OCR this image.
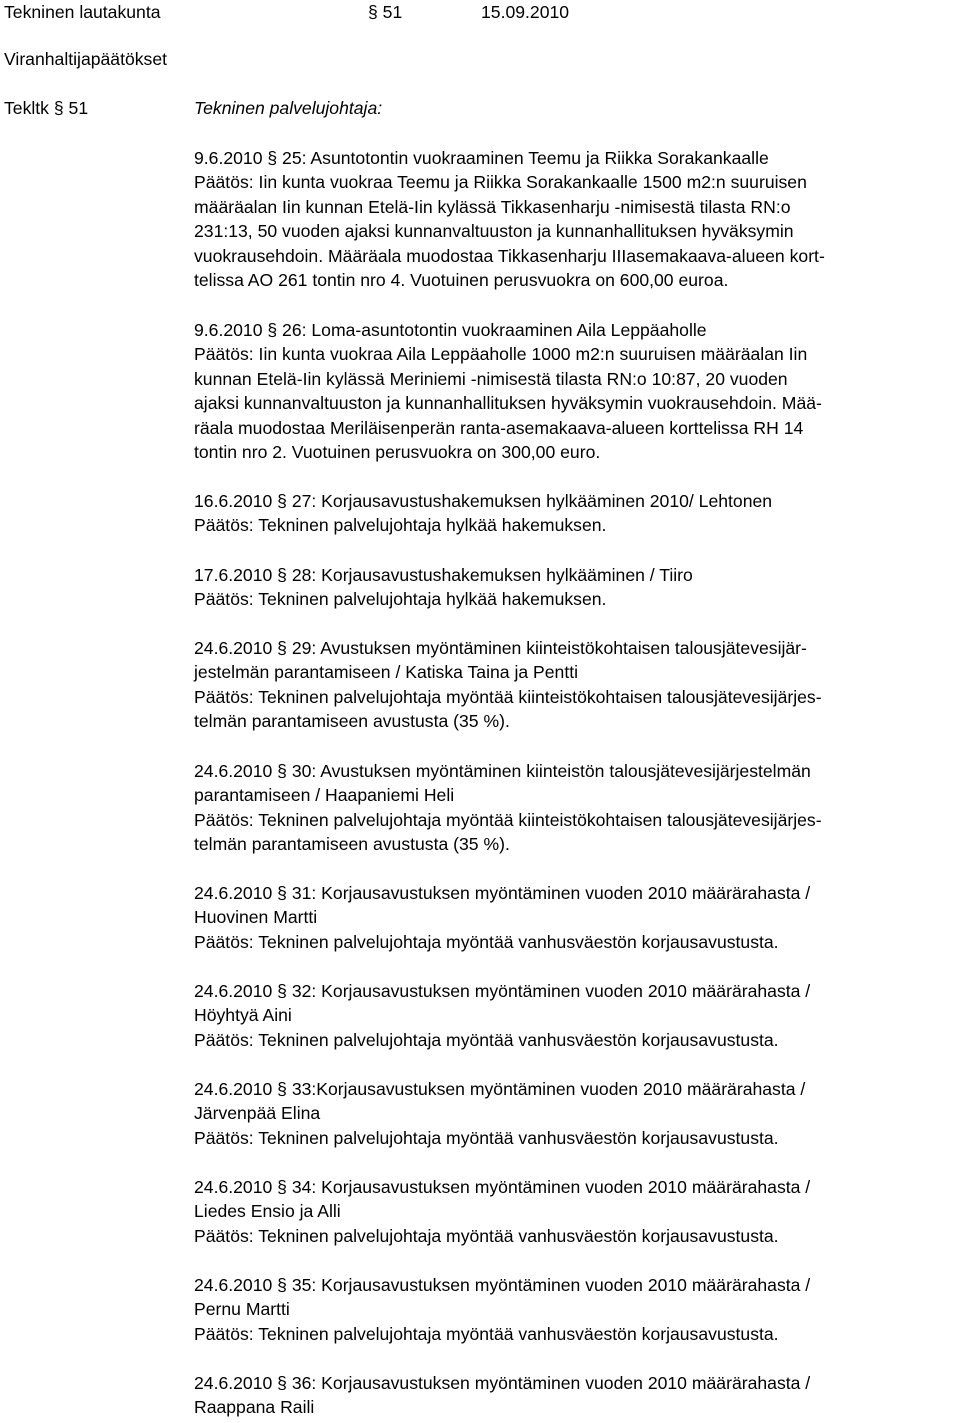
Tekninen lautakunta	§ 51	15.09.2010
Viranhaltijapäätökset
Tekltk § 51	Tekninen palvelujohtaja:
9.6.2010 § 25: Asuntotontin vuokraaminen Teemu ja Riikka Sorakankaalle
Päätös: Iin kunta vuokraa Teemu ja Riikka Sorakankaalle 1500 m2:n suuruisen
määräalan Iin kunnan Etelä-Iin kylässä Tikkasenharju -nimisestä tilasta RN:o
231:13, 50 vuoden ajaksi kunnanvaltuuston ja kunnanhallituksen hyväksymin
vuokrausehdoin. Määräala muodostaa Tikkasenharju IIIasemakaava-alueen kort-
telissa AO 261 tontin nro 4. Vuotuinen perusvuokra on 600,00 euroa.
9.6.2010 § 26: Loma-asuntotontin vuokraaminen Aila Leppäaholle
Päätös: Iin kunta vuokraa Aila Leppäaholle 1000 m2:n suuruisen määräalan Iin
kunnan Etelä-Iin kylässä Meriniemi -nimisestä tilasta RN:o 10:87, 20 vuoden
ajaksi kunnanvaltuuston ja kunnanhallituksen hyväksymin vuokrausehdoin. Mää-
räala muodostaa Meriläisenperän ranta-asemakaava-alueen korttelissa RH 14
tontin nro 2. Vuotuinen perusvuokra on 300,00 euro.
16.6.2010 § 27: Korjausavustushakemuksen hylkääminen 2010/ Lehtonen
Päätös: Tekninen palvelujohtaja hylkää hakemuksen.
17.6.2010 § 28: Korjausavustushakemuksen hylkääminen / Tiiro
Päätös: Tekninen palvelujohtaja hylkää hakemuksen.
24.6.2010 § 29: Avustuksen myöntäminen kiinteistökohtaisen talousjätevesijär-
jestelmän parantamiseen / Katiska Taina ja Pentti
Päätös: Tekninen palvelujohtaja myöntää kiinteistökohtaisen talousjätevesijärjes-
telmän parantamiseen avustusta (35 %).
24.6.2010 § 30: Avustuksen myöntäminen kiinteistön talousjätevesijärjestelmän
parantamiseen / Haapaniemi Heli
Päätös: Tekninen palvelujohtaja myöntää kiinteistökohtaisen talousjätevesijärjes-
telmän parantamiseen avustusta (35 %).
24.6.2010 § 31: Korjausavustuksen myöntäminen vuoden 2010 määrärahasta /
Huovinen Martti
Päätös: Tekninen palvelujohtaja myöntää vanhusväestön korjausavustusta.
24.6.2010 § 32: Korjausavustuksen myöntäminen vuoden 2010 määrärahasta /
Höyhtyä Aini
Päätös: Tekninen palvelujohtaja myöntää vanhusväestön korjausavustusta.
24.6.2010 § 33:Korjausavustuksen myöntäminen vuoden 2010 määrärahasta /
Järvenpää Elina
Päätös: Tekninen palvelujohtaja myöntää vanhusväestön korjausavustusta.
24.6.2010 § 34: Korjausavustuksen myöntäminen vuoden 2010 määrärahasta /
Liedes Ensio ja Alli
Päätös: Tekninen palvelujohtaja myöntää vanhusväestön korjausavustusta.
24.6.2010 § 35: Korjausavustuksen myöntäminen vuoden 2010 määrärahasta /
Pernu Martti
Päätös: Tekninen palvelujohtaja myöntää vanhusväestön korjausavustusta.
24.6.2010 § 36: Korjausavustuksen myöntäminen vuoden 2010 määrärahasta /
Raappana Raili
